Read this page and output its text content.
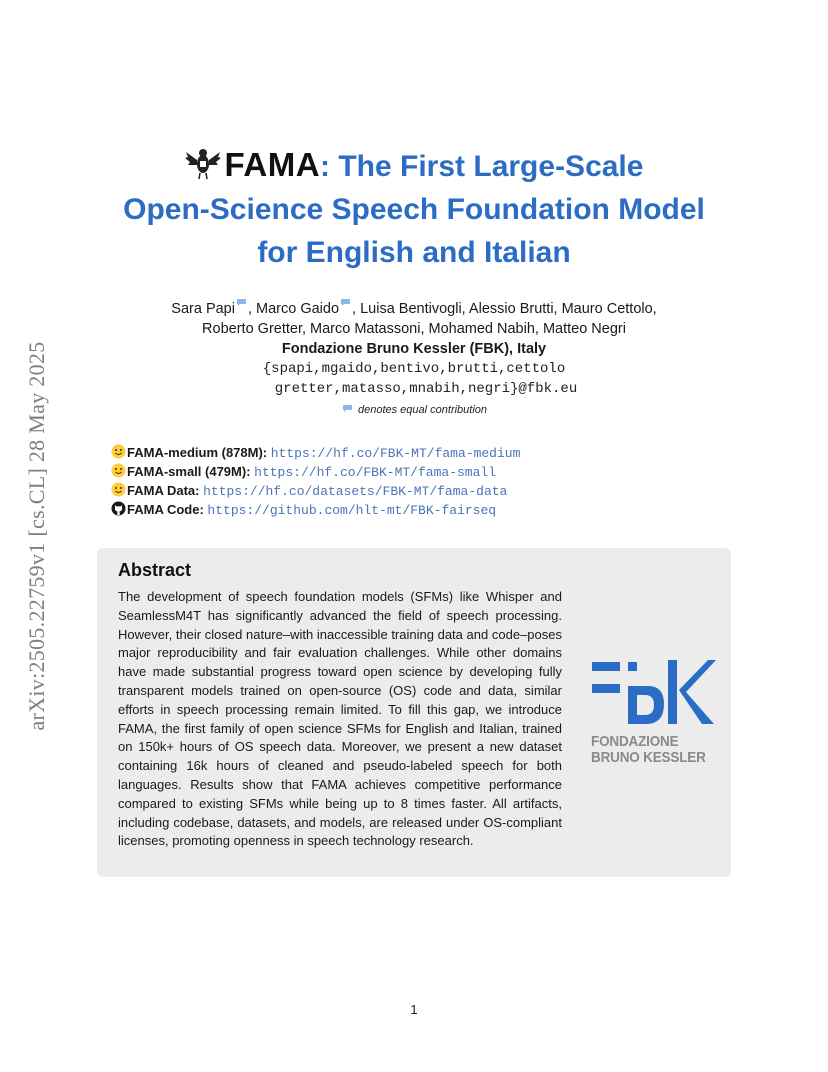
arXiv:2505.22759v1 [cs.CL] 28 May 2025
FAMA: The First Large-Scale
Open-Science Speech Foundation Model
for English and Italian
Sara Papi , Marco Gaido , Luisa Bentivogli, Alessio Brutti, Mauro Cettolo,
Roberto Gretter, Marco Matassoni, Mohamed Nabih, Matteo Negri
Fondazione Bruno Kessler (FBK), Italy
{spapi,mgaido,bentivo,brutti,cettolo
gretter,matasso,mnabih,negri}@fbk.eu
denotes equal contribution
FAMA-medium (878M): https://hf.co/FBK-MT/fama-medium
FAMA-small (479M): https://hf.co/FBK-MT/fama-small
FAMA Data: https://hf.co/datasets/FBK-MT/fama-data
FAMA Code: https://github.com/hlt-mt/FBK-fairseq
Abstract
The development of speech foundation models (SFMs) like Whisper and SeamlessM4T has significantly advanced the field of speech processing. However, their closed nature–with inaccessible training data and code–poses major reproducibility and fair evaluation challenges. While other domains have made substantial progress toward open science by developing fully transparent models trained on open-source (OS) code and data, similar efforts in speech processing remain limited. To fill this gap, we introduce FAMA, the first family of open science SFMs for English and Italian, trained on 150k+ hours of OS speech data. Moreover, we present a new dataset containing 16k hours of cleaned and pseudo-labeled speech for both languages. Results show that FAMA achieves competitive performance compared to existing SFMs while being up to 8 times faster. All artifacts, including codebase, datasets, and models, are released under OS-compliant licenses, promoting openness in speech technology research.
FONDAZIONE
BRUNO KESSLER
1
